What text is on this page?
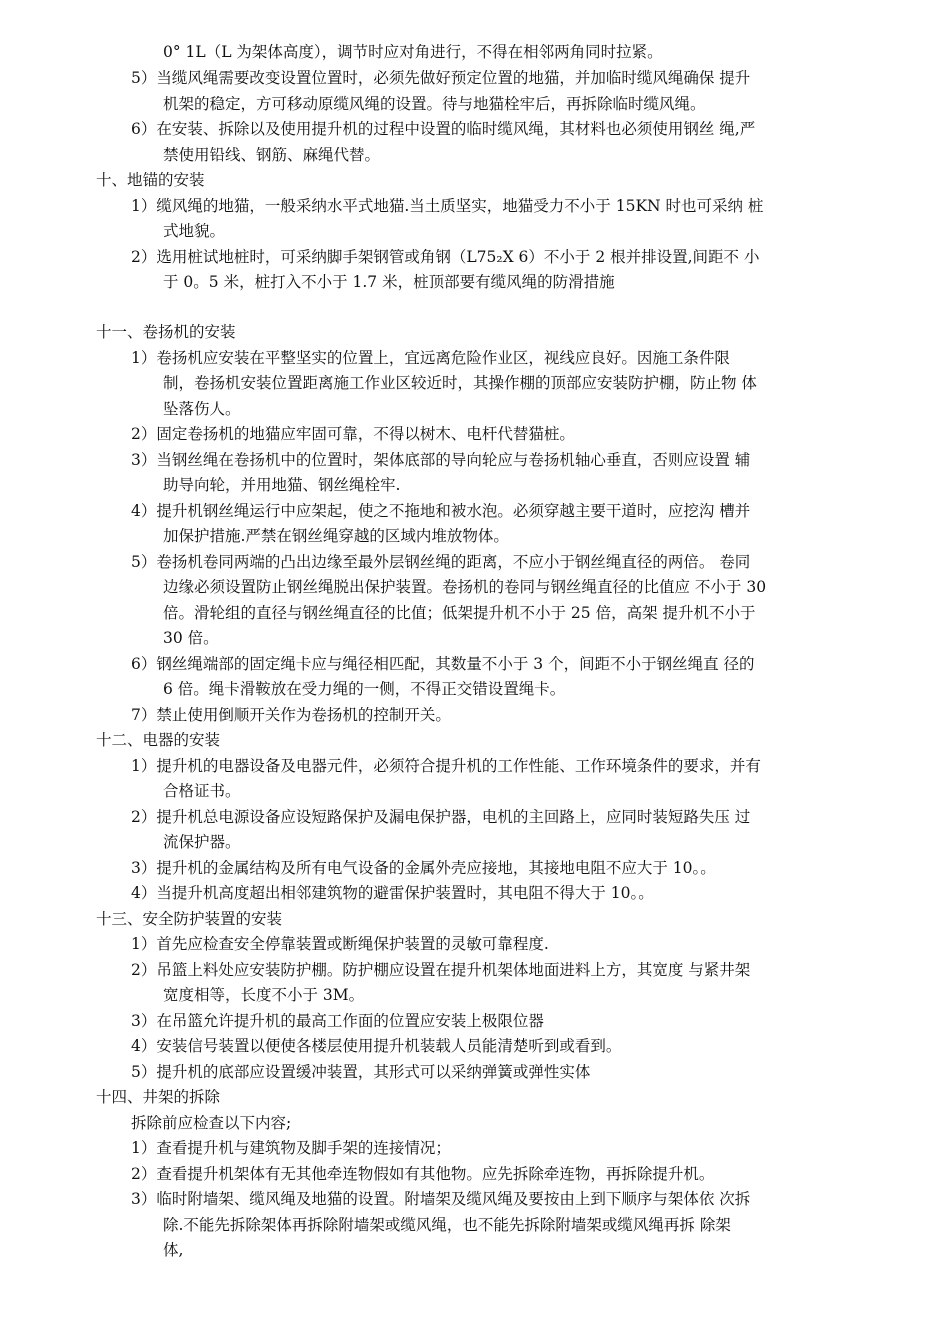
0° 1L（L 为架体高度），调节时应对角进行，不得在相邻两角同时拉紧。
5）当缆风绳需要改变设置位置时，必须先做好预定位置的地猫，并加临时缆风绳确保 提升
机架的稳定，方可移动原缆风绳的设置。待与地猫栓牢后，再拆除临时缆风绳。
6）在安装、拆除以及使用提升机的过程中设置的临时缆风绳，其材料也必须使用钢丝 绳,严
禁使用铅线、钢筋、麻绳代替。
十、地锚的安装
1）缆风绳的地猫，一般采纳水平式地猫.当土质坚实，地猫受力不小于 15KN 时也可采纳 桩
式地貌。
2）选用桩试地桩时，可采纳脚手架钢管或角钢（L75₂X 6）不小于 2 根并排设置,间距不 小
于 0。5 米，桩打入不小于 1.7 米，桩顶部要有缆风绳的防滑措施
十一、卷扬机的安装
1）卷扬机应安装在平整坚实的位置上，宜远离危险作业区，视线应良好。因施工条件限
制，卷扬机安装位置距离施工作业区较近时，其操作棚的顶部应安装防护棚，防止物 体
坠落伤人。
2）固定卷扬机的地猫应牢固可靠，不得以树木、电杆代替猫桩。
3）当钢丝绳在卷扬机中的位置时，架体底部的导向轮应与卷扬机轴心垂直，否则应设置 辅
助导向轮，并用地猫、钢丝绳栓牢.
4）提升机钢丝绳运行中应架起，使之不拖地和被水泡。必须穿越主要干道时，应挖沟 槽并
加保护措施.严禁在钢丝绳穿越的区域内堆放物体。
5）卷扬机卷同两端的凸出边缘至最外层钢丝绳的距离，不应小于钢丝绳直径的两倍。 卷同
边缘必须设置防止钢丝绳脱出保护装置。卷扬机的卷同与钢丝绳直径的比值应 不小于 30
倍。滑轮组的直径与钢丝绳直径的比值；低架提升机不小于 25 倍，高架 提升机不小于
30 倍。
6）钢丝绳端部的固定绳卡应与绳径相匹配，其数量不小于 3 个，间距不小于钢丝绳直 径的
6 倍。绳卡滑鞍放在受力绳的一侧，不得正交错设置绳卡。
7）禁止使用倒顺开关作为卷扬机的控制开关。
十二、电器的安装
1）提升机的电器设备及电器元件，必须符合提升机的工作性能、工作环境条件的要求，并有
合格证书。
2）提升机总电源设备应设短路保护及漏电保护器，电机的主回路上，应同时装短路失压 过
流保护器。
3）提升机的金属结构及所有电气设备的金属外壳应接地，其接地电阻不应大于 10。。
4）当提升机高度超出相邻建筑物的避雷保护装置时，其电阻不得大于 10。。
十三、安全防护装置的安装
1）首先应检查安全停靠装置或断绳保护装置的灵敏可靠程度.
2）吊篮上料处应安装防护棚。防护棚应设置在提升机架体地面进料上方，其宽度 与紧井架
宽度相等，长度不小于 3M。
3）在吊篮允许提升机的最高工作面的位置应安装上极限位器
4）安装信号装置以便使各楼层使用提升机装载人员能清楚听到或看到。
5）提升机的底部应设置缓冲装置，其形式可以采纳弹簧或弹性实体
十四、井架的拆除
拆除前应检查以下内容;
1）查看提升机与建筑物及脚手架的连接情况；
2）查看提升机架体有无其他牵连物假如有其他物。应先拆除牵连物，再拆除提升机。
3）临时附墙架、缆风绳及地猫的设置。附墙架及缆风绳及要按由上到下顺序与架体依 次拆
除.不能先拆除架体再拆除附墙架或缆风绳，也不能先拆除附墙架或缆风绳再拆 除架
体,
